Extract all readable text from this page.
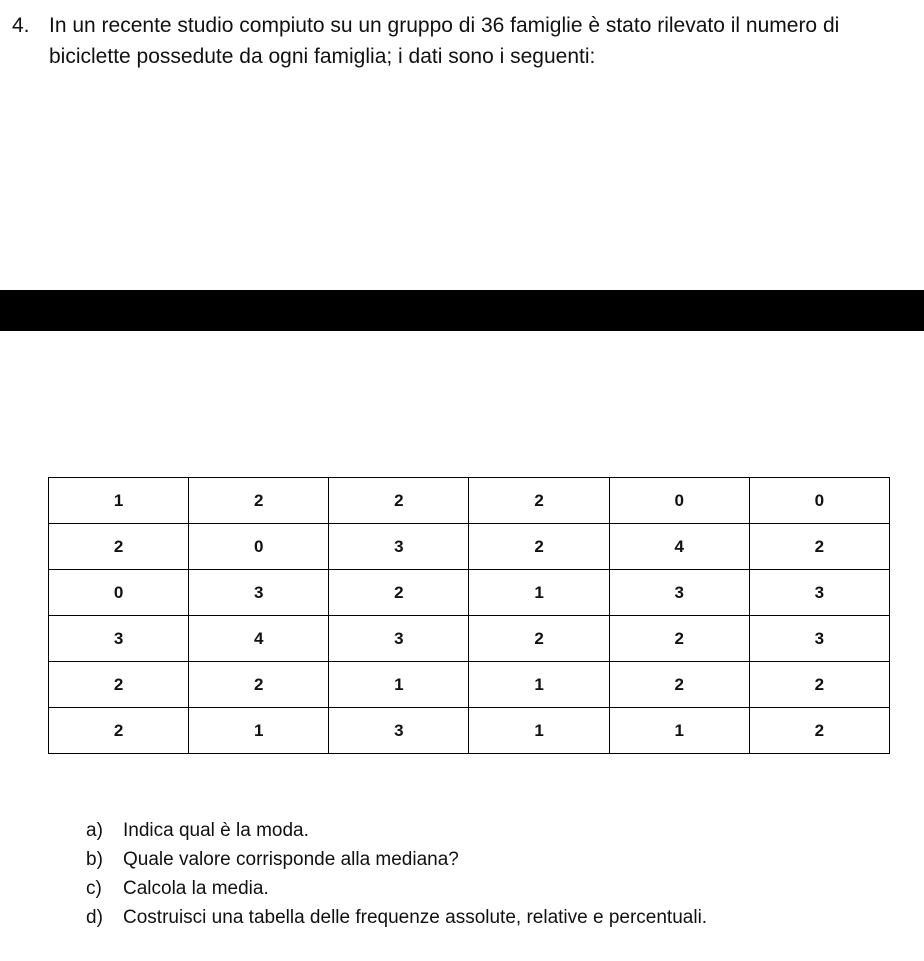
4. In un recente studio compiuto su un gruppo di 36 famiglie è stato rilevato il numero di biciclette possedute da ogni famiglia; i dati sono i seguenti:
1	2	2	2	0	0
2	0	3	2	4	2
0	3	2	1	3	3
3	4	3	2	2	3
2	2	1	1	2	2
2	1	3	1	1	2
a) Indica qual è la moda.
b) Quale valore corrisponde alla mediana?
c) Calcola la media.
d) Costruisci una tabella delle frequenze assolute, relative e percentuali.
